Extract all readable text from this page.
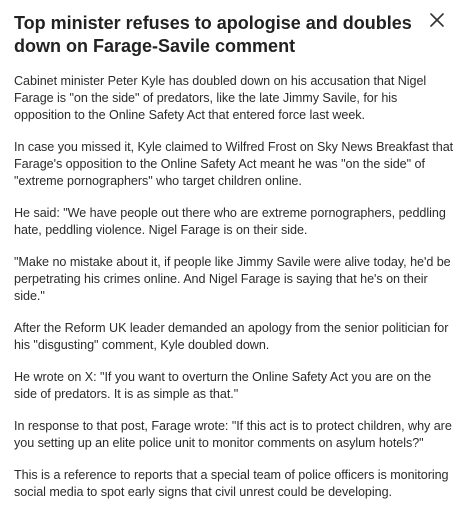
Top minister refuses to apologise and doubles down on Farage-Savile comment

Cabinet minister Peter Kyle has doubled down on his accusation that Nigel Farage is "on the side" of predators, like the late Jimmy Savile, for his opposition to the Online Safety Act that entered force last week.

In case you missed it, Kyle claimed to Wilfred Frost on Sky News Breakfast that Farage's opposition to the Online Safety Act meant he was "on the side" of "extreme pornographers" who target children online.

He said: "We have people out there who are extreme pornographers, peddling hate, peddling violence. Nigel Farage is on their side.

"Make no mistake about it, if people like Jimmy Savile were alive today, he'd be perpetrating his crimes online. And Nigel Farage is saying that he's on their side."

After the Reform UK leader demanded an apology from the senior politician for his "disgusting" comment, Kyle doubled down.

He wrote on X: "If you want to overturn the Online Safety Act you are on the side of predators. It is as simple as that."

In response to that post, Farage wrote: "If this act is to protect children, why are you setting up an elite police unit to monitor comments on asylum hotels?"

This is a reference to reports that a special team of police officers is monitoring social media to spot early signs that civil unrest could be developing.
